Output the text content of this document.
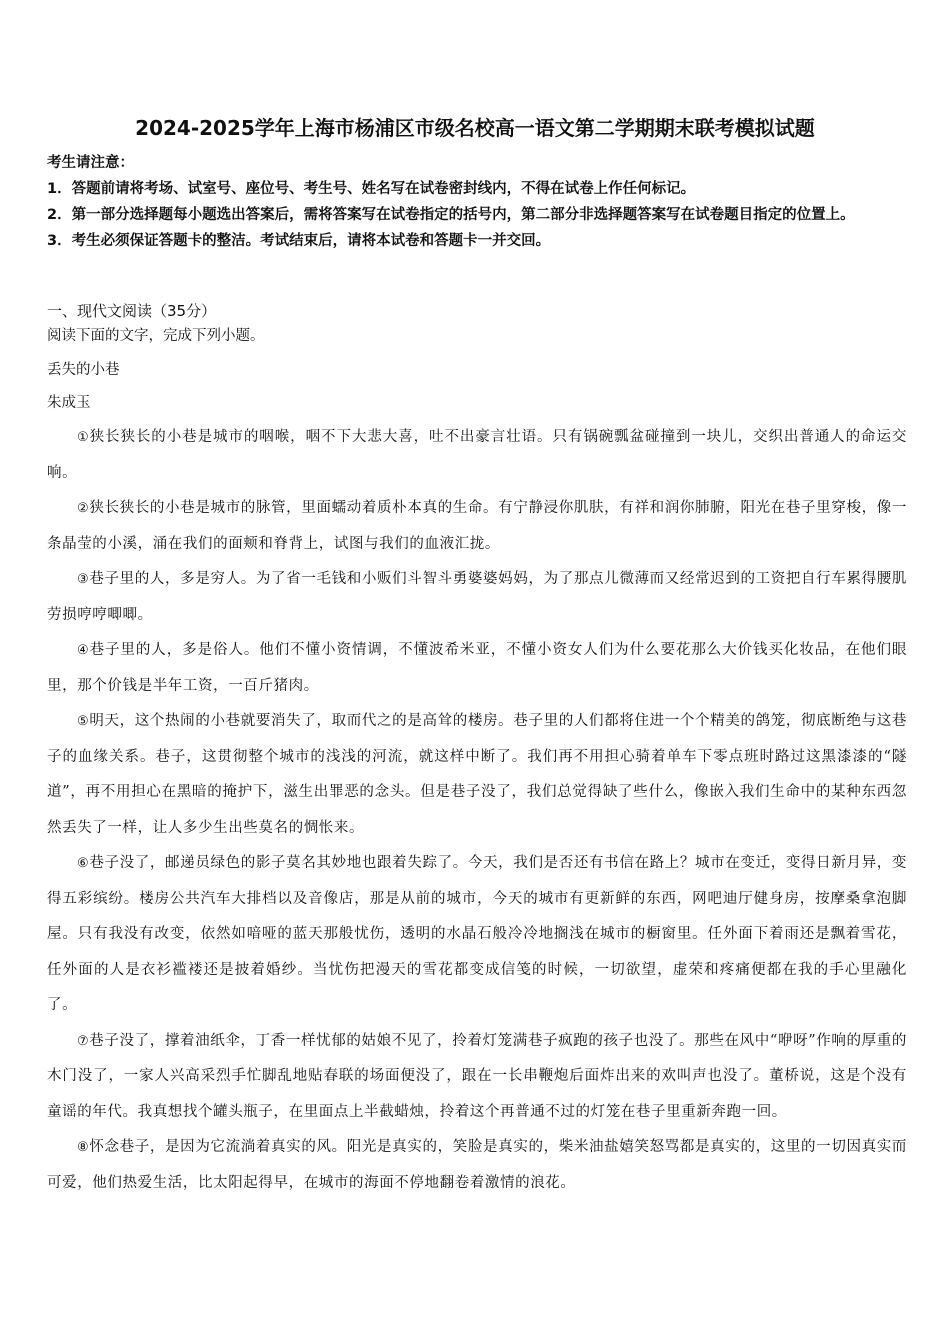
2024-2025学年上海市杨浦区市级名校高一语文第二学期期末联考模拟试题

考生请注意：

1．答题前请将考场、试室号、座位号、考生号、姓名写在试卷密封线内，不得在试卷上作任何标记。

2．第一部分选择题每小题选出答案后，需将答案写在试卷指定的括号内，第二部分非选择题答案写在试卷题目指定的位置上。

3．考生必须保证答题卡的整洁。考试结束后，请将本试卷和答题卡一并交回。

一、现代文阅读（35分）
阅读下面的文字，完成下列小题。
丢失的小巷
朱成玉

①狭长狭长的小巷是城市的咽喉，咽不下大悲大喜，吐不出豪言壮语。只有锅碗瓢盆碰撞到一块儿，交织出普通人的命运交响。

②狭长狭长的小巷是城市的脉管，里面蠕动着质朴本真的生命。有宁静浸你肌肤，有祥和润你肺腑，阳光在巷子里穿梭，像一条晶莹的小溪，涌在我们的面颊和脊背上，试图与我们的血液汇拢。

③巷子里的人，多是穷人。为了省一毛钱和小贩们斗智斗勇婆婆妈妈，为了那点儿微薄而又经常迟到的工资把自行车累得腰肌劳损哼哼唧唧。

④巷子里的人，多是俗人。他们不懂小资情调，不懂波希米亚，不懂小资女人们为什么要花那么大价钱买化妆品，在他们眼里，那个价钱是半年工资，一百斤猪肉。

⑤明天，这个热闹的小巷就要消失了，取而代之的是高耸的楼房。巷子里的人们都将住进一个个精美的鸽笼，彻底断绝与这巷子的血缘关系。巷子，这贯彻整个城市的浅浅的河流，就这样中断了。我们再不用担心骑着单车下零点班时路过这黑漆漆的“隧道”，再不用担心在黑暗的掩护下，滋生出罪恶的念头。但是巷子没了，我们总觉得缺了些什么，像嵌入我们生命中的某种东西忽然丢失了一样，让人多少生出些莫名的惆怅来。

⑥巷子没了，邮递员绿色的影子莫名其妙地也跟着失踪了。今天，我们是否还有书信在路上？城市在变迁，变得日新月异，变得五彩缤纷。楼房公共汽车大排档以及音像店，那是从前的城市，今天的城市有更新鲜的东西，网吧迪厅健身房，按摩桑拿泡脚屋。只有我没有改变，依然如喑哑的蓝天那般忧伤，透明的水晶石般冷冷地搁浅在城市的橱窗里。任外面下着雨还是飘着雪花，任外面的人是衣衫褴褛还是披着婚纱。当忧伤把漫天的雪花都变成信笺的时候，一切欲望，虚荣和疼痛便都在我的手心里融化了。

⑦巷子没了，撑着油纸伞，丁香一样忧郁的姑娘不见了，拎着灯笼满巷子疯跑的孩子也没了。那些在风中“咿呀”作响的厚重的木门没了，一家人兴高采烈手忙脚乱地贴春联的场面便没了，跟在一长串鞭炮后面炸出来的欢叫声也没了。董桥说，这是个没有童谣的年代。我真想找个罐头瓶子，在里面点上半截蜡烛，拎着这个再普通不过的灯笼在巷子里重新奔跑一回。

⑧怀念巷子，是因为它流淌着真实的风。阳光是真实的，笑脸是真实的，柴米油盐嬉笑怒骂都是真实的，这里的一切因真实而可爱，他们热爱生活，比太阳起得早，在城市的海面不停地翻卷着激情的浪花。
